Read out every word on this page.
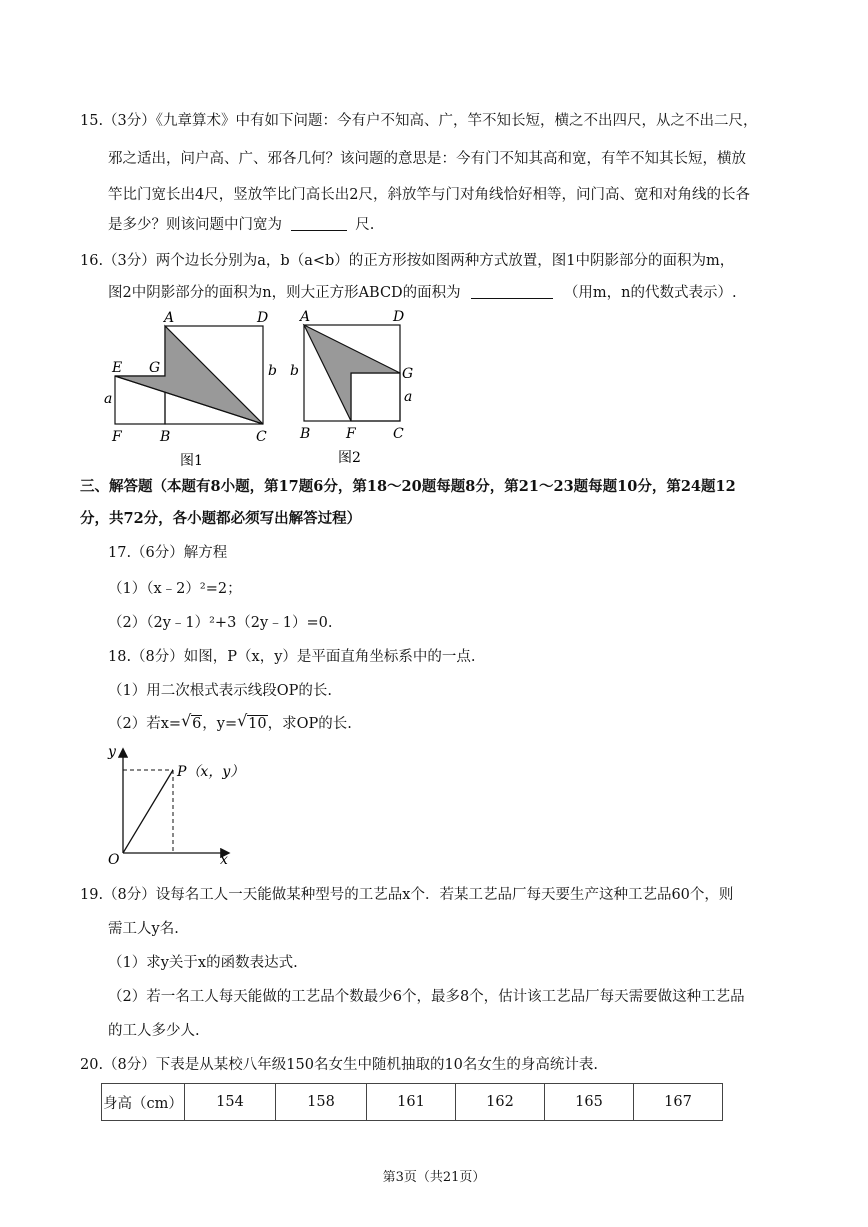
15.（3分）《九章算术》中有如下问题：今有户不知高、广，竿不知长短，横之不出四尺，从之不出二尺，
邪之适出，问户高、广、邪各几何？该问题的意思是：今有门不知其高和宽，有竿不知其长短，横放
竿比门宽长出4尺，竖放竿比门高长出2尺，斜放竿与门对角线恰好相等，问门高、宽和对角线的长各
是多少？则该问题中门宽为	尺.
16.（3分）两个边长分别为a，b（a<b）的正方形按如图两种方式放置，图1中阴影部分的面积为m，
图2中阴影部分的面积为n，则大正方形ABCD的面积为	（用m，n的代数式表示）.
A	D
E G
a
b
F	B	C
图1
A	D
G
b
a
B	F	C
图2
三、解答题（本题有8小题，第17题6分，第18～20题每题8分，第21～23题每题10分，第24题12
分，共72分，各小题都必须写出解答过程）
17.（6分）解方程
（1）（x﹣2）²=2；
（2）（2y﹣1）²+3（2y﹣1）=0.
18.（8分）如图，P（x，y）是平面直角坐标系中的一点.
（1）用二次根式表示线段OP的长.
（2）若x= √ 6，y= √ 10，求OP的长.
y
x
O
P（x，y）
19.（8分）设每名工人一天能做某种型号的工艺品x个．若某工艺品厂每天要生产这种工艺品60个，则
需工人y名.
（1）求y关于x的函数表达式.
（2）若一名工人每天能做的工艺品个数最少6个，最多8个，估计该工艺品厂每天需要做这种工艺品
的工人多少人.
20.（8分）下表是从某校八年级150名女生中随机抽取的10名女生的身高统计表.
身高（cm）	154	158	161	162	165	167
第3页（共21页）
